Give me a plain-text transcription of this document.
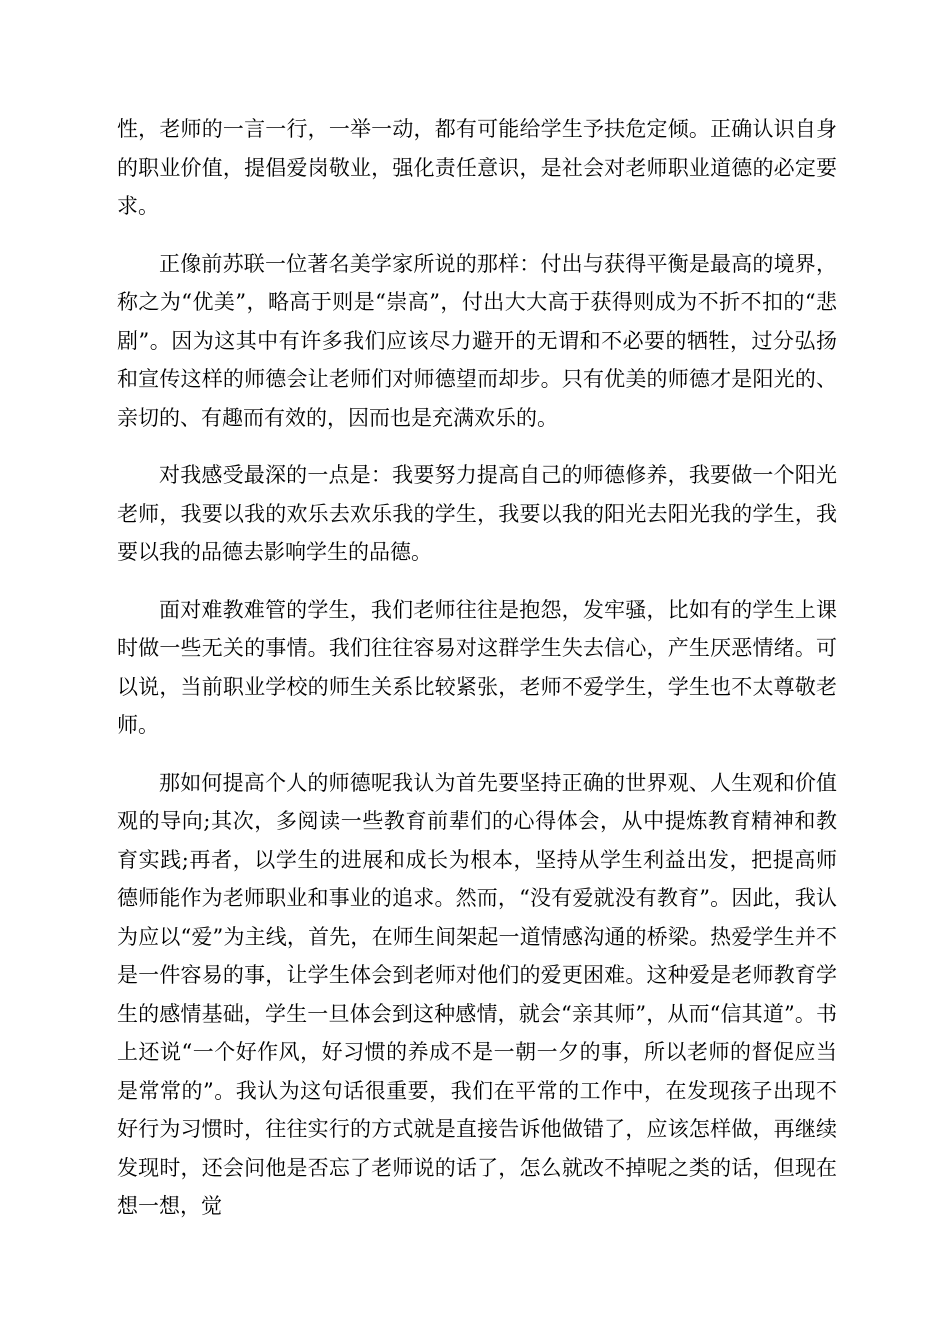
性，老师的一言一行，一举一动，都有可能给学生予扶危定倾。正确认识自身的职业价值，提倡爱岗敬业，强化责任意识，是社会对老师职业道德的必定要求。

正像前苏联一位著名美学家所说的那样：付出与获得平衡是最高的境界，称之为“优美”，略高于则是“崇高”，付出大大高于获得则成为不折不扣的“悲剧”。因为这其中有许多我们应该尽力避开的无谓和不必要的牺牲，过分弘扬和宣传这样的师德会让老师们对师德望而却步。只有优美的师德才是阳光的、亲切的、有趣而有效的，因而也是充满欢乐的。

对我感受最深的一点是：我要努力提高自己的师德修养，我要做一个阳光老师，我要以我的欢乐去欢乐我的学生，我要以我的阳光去阳光我的学生，我要以我的品德去影响学生的品德。

面对难教难管的学生，我们老师往往是抱怨，发牢骚，比如有的学生上课时做一些无关的事情。我们往往容易对这群学生失去信心，产生厌恶情绪。可以说，当前职业学校的师生关系比较紧张，老师不爱学生，学生也不太尊敬老师。

那如何提高个人的师德呢我认为首先要坚持正确的世界观、人生观和价值观的导向;其次，多阅读一些教育前辈们的心得体会，从中提炼教育精神和教育实践;再者，以学生的进展和成长为根本，坚持从学生利益出发，把提高师德师能作为老师职业和事业的追求。然而，“没有爱就没有教育”。因此，我认为应以“爱”为主线，首先，在师生间架起一道情感沟通的桥梁。热爱学生并不是一件容易的事，让学生体会到老师对他们的爱更困难。这种爱是老师教育学生的感情基础，学生一旦体会到这种感情，就会“亲其师”，从而“信其道”。书上还说“一个好作风，好习惯的养成不是一朝一夕的事，所以老师的督促应当是常常的”。我认为这句话很重要，我们在平常的工作中，在发现孩子出现不好行为习惯时，往往实行的方式就是直接告诉他做错了，应该怎样做，再继续发现时，还会问他是否忘了老师说的话了，怎么就改不掉呢之类的话，但现在想一想，觉
